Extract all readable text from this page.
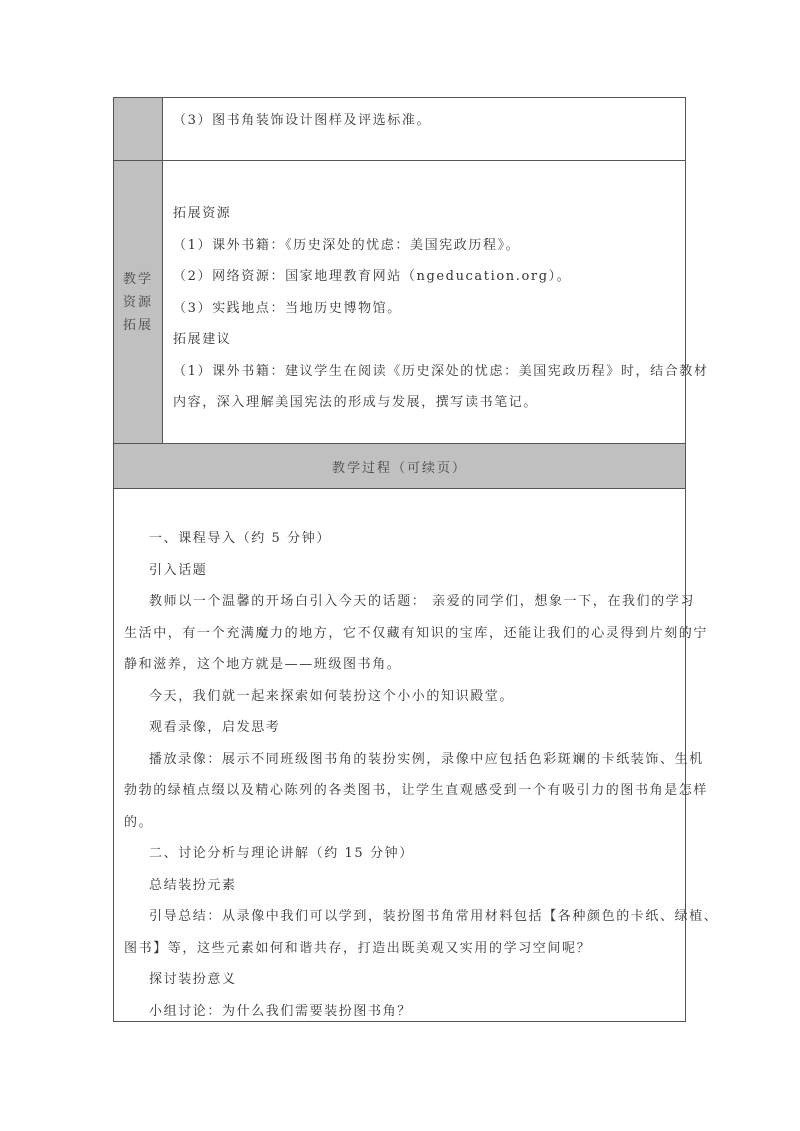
（3）图书角装饰设计图样及评选标准。

教学
资源
拓展

拓展资源

（1）课外书籍：《历史深处的忧虑：美国宪政历程》。

（2）网络资源：国家地理教育网站（ngeducation.org）。

（3）实践地点：当地历史博物馆。

拓展建议

（1）课外书籍：建议学生在阅读《历史深处的忧虑：美国宪政历程》时，结合教材

内容，深入理解美国宪法的形成与发展，撰写读书笔记。

教学过程（可续页）

一、课程导入（约 5 分钟）

引入话题

教师以一个温馨的开场白引入今天的话题： 亲爱的同学们，想象一下，在我们的学习

生活中，有一个充满魔力的地方，它不仅藏有知识的宝库，还能让我们的心灵得到片刻的宁

静和滋养，这个地方就是——班级图书角。

今天，我们就一起来探索如何装扮这个小小的知识殿堂。

观看录像，启发思考

播放录像：展示不同班级图书角的装扮实例，录像中应包括色彩斑斓的卡纸装饰、生机

勃勃的绿植点缀以及精心陈列的各类图书，让学生直观感受到一个有吸引力的图书角是怎样

的。

二、讨论分析与理论讲解（约 15 分钟）

总结装扮元素

引导总结：从录像中我们可以学到，装扮图书角常用材料包括【各种颜色的卡纸、绿植、

图书】等，这些元素如何和谐共存，打造出既美观又实用的学习空间呢？

探讨装扮意义

小组讨论：为什么我们需要装扮图书角？
